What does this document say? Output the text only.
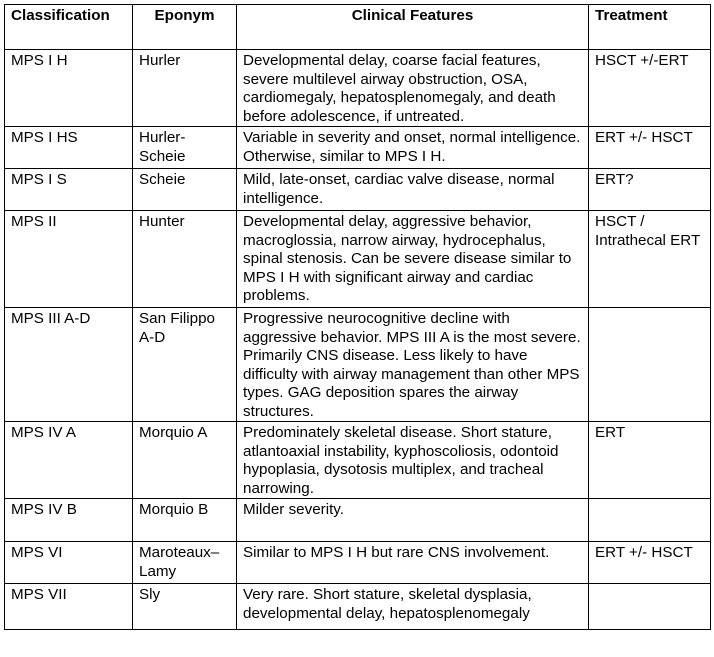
Classification	Eponym	Clinical Features	Treatment
MPS I H	Hurler	Developmental delay, coarse facial features, severe multilevel airway obstruction, OSA, cardiomegaly, hepatosplenomegaly, and death before adolescence, if untreated.	HSCT +/-ERT
MPS I HS	Hurler-Scheie	Variable in severity and onset, normal intelligence. Otherwise, similar to MPS I H.	ERT +/- HSCT
MPS I S	Scheie	Mild, late-onset, cardiac valve disease, normal intelligence.	ERT?
MPS II	Hunter	Developmental delay, aggressive behavior, macroglossia, narrow airway, hydrocephalus, spinal stenosis. Can be severe disease similar to MPS I H with significant airway and cardiac problems.	HSCT / Intrathecal ERT
MPS III A-D	San Filippo A-D	Progressive neurocognitive decline with aggressive behavior. MPS III A is the most severe. Primarily CNS disease. Less likely to have difficulty with airway management than other MPS types. GAG deposition spares the airway structures.	
MPS IV A	Morquio A	Predominately skeletal disease. Short stature, atlantoaxial instability, kyphoscoliosis, odontoid hypoplasia, dysotosis multiplex, and tracheal narrowing.	ERT
MPS IV B	Morquio B	Milder severity.	
MPS VI	Maroteaux–Lamy	Similar to MPS I H but rare CNS involvement.	ERT +/- HSCT
MPS VII	Sly	Very rare. Short stature, skeletal dysplasia, developmental delay, hepatosplenomegaly	
